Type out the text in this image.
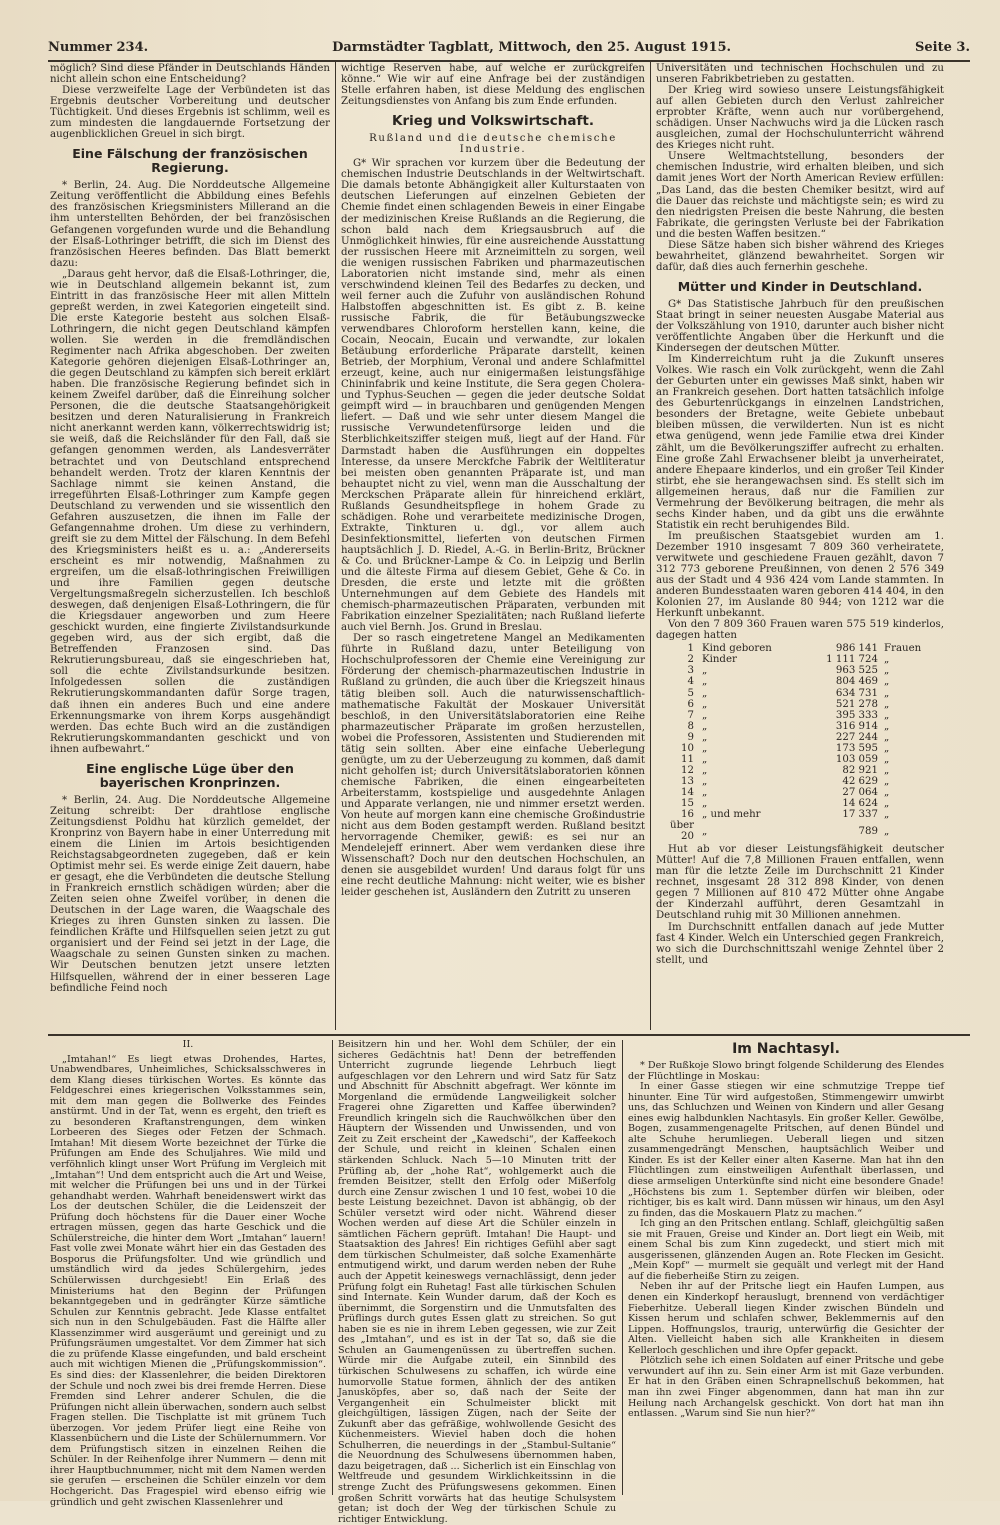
Nummer 234.	Darmstädter Tagblatt, Mittwoch, den 25. August 1915.	Seite 3.

möglich? Sind diese Pfänder in Deutschlands Händen nicht allein schon eine Entscheidung?

Diese verzweifelte Lage der Verbündeten ist das Ergebnis deutscher Vorbereitung und deutscher Tüchtigkeit. Und dieses Ergebnis ist schlimm, weil es zum mindesten die langdauernde Fortsetzung der augenblicklichen Greuel in sich birgt.

Eine Fälschung der französischen Regierung.

* Berlin, 24. Aug. Die Norddeutsche Allgemeine Zeitung veröffentlicht die Abbildung eines Befehls des französischen Kriegsministers Millerand an die ihm unterstellten Behörden, der bei französischen Gefangenen vorgefunden wurde und die Behandlung der Elsaß-Lothringer betrifft, die sich im Dienst des französischen Heeres befinden. Das Blatt bemerkt dazu:

„Daraus geht hervor, daß die Elsaß-Lothringer, die, wie in Deutschland allgemein bekannt ist, zum Eintritt in das französische Heer mit allen Mitteln gepreßt werden, in zwei Kategorien eingeteilt sind. Die erste Kategorie besteht aus solchen Elsaß-Lothringern, die nicht gegen Deutschland kämpfen wollen. Sie werden in die fremdländischen Regimenter nach Afrika abgeschoben. Der zweiten Kategorie gehören diejenigen Elsaß-Lothringer an, die gegen Deutschland zu kämpfen sich bereit erklärt haben. Die französische Regierung befindet sich in keinem Zweifel darüber, daß die Einreihung solcher Personen, die die deutsche Staatsangehörigkeit besitzen und deren Naturalisierung in Frankreich nicht anerkannt werden kann, völkerrechtswidrig ist; sie weiß, daß die Reichsländer für den Fall, daß sie gefangen genommen werden, als Landesverräter betrachtet und von Deutschland entsprechend behandelt werden. Trotz der klaren Kenntnis der Sachlage nimmt sie keinen Anstand, die irregeführten Elsaß-Lothringer zum Kampfe gegen Deutschland zu verwenden und sie wissentlich den Gefahren auszusetzen, die ihnen im Falle der Gefangennahme drohen. Um diese zu verhindern, greift sie zu dem Mittel der Fälschung. In dem Befehl des Kriegsministers heißt es u. a.: „Andererseits erscheint es mir notwendig, Maßnahmen zu ergreifen, um die elsaß-lothringischen Freiwilligen und ihre Familien gegen deutsche Vergeltungsmaßregeln sicherzustellen. Ich beschloß deswegen, daß denjenigen Elsaß-Lothringern, die für die Kriegsdauer angeworben und zum Heere geschickt wurden, eine fingierte Zivilstandsurkunde gegeben wird, aus der sich ergibt, daß die Betreffenden Franzosen sind. Das Rekrutierungsbureau, daß sie eingeschrieben hat, soll die echte Zivilstandsurkunde besitzen. Infolgedessen sollen die zuständigen Rekrutierungskommandanten dafür Sorge tragen, daß ihnen ein anderes Buch und eine andere Erkennungsmarke von ihrem Korps ausgehändigt werden. Das echte Buch wird an die zuständigen Rekrutierungskommandanten geschickt und von ihnen aufbewahrt.“

Eine englische Lüge über den bayerischen Kronprinzen.

* Berlin, 24. Aug. Die Norddeutsche Allgemeine Zeitung schreibt: Der drahtlose englische Zeitungsdienst Poldhu hat kürzlich gemeldet, der Kronprinz von Bayern habe in einer Unterredung mit einem die Linien im Artois besichtigenden Reichstagsabgeordneten zugegeben, daß er kein Optimist mehr sei. Es werde einige Zeit dauern, habe er gesagt, ehe die Verbündeten die deutsche Stellung in Frankreich ernstlich schädigen würden; aber die Zeiten seien ohne Zweifel vorüber, in denen die Deutschen in der Lage waren, die Waagschale des Krieges zu ihren Gunsten sinken zu lassen. Die feindlichen Kräfte und Hilfsquellen seien jetzt zu gut organisiert und der Feind sei jetzt in der Lage, die Waagschale zu seinen Gunsten sinken zu machen. Wir Deutschen benutzen jetzt unsere letzten Hilfsquellen, während der in einer besseren Lage befindliche Feind noch

wichtige Reserven habe, auf welche er zurückgreifen könne.“ Wie wir auf eine Anfrage bei der zuständigen Stelle erfahren haben, ist diese Meldung des englischen Zeitungsdienstes von Anfang bis zum Ende erfunden.

Krieg und Volkswirtschaft.
Rußland und die deutsche chemische Industrie.

G* Wir sprachen vor kurzem über die Bedeutung der chemischen Industrie Deutschlands in der Weltwirtschaft. Die damals betonte Abhängigkeit aller Kulturstaaten von deutschen Lieferungen auf einzelnen Gebieten der Chemie findet einen schlagenden Beweis in einer Eingabe der medizinischen Kreise Rußlands an die Regierung, die schon bald nach dem Kriegsausbruch auf die Unmöglichkeit hinwies, für eine ausreichende Ausstattung der russischen Heere mit Arzneimitteln zu sorgen, weil die wenigen russischen Fabriken und pharmazeutischen Laboratorien nicht imstande sind, mehr als einen verschwindend kleinen Teil des Bedarfes zu decken, und weil ferner auch die Zufuhr von ausländischen Rohund Halbstoffen abgeschnitten ist. Es gibt z. B. keine russische Fabrik, die für Betäubungszwecke verwendbares Chloroform herstellen kann, keine, die Cocain, Neocain, Eucain und verwandte, zur lokalen Betäubung erforderliche Präparate darstellt, keinen Betrieb, der Morphium, Veronal und andere Schlafmittel erzeugt, keine, auch nur einigermaßen leistungsfähige Chininfabrik und keine Institute, die Sera gegen Cholera- und Typhus-Seuchen — gegen die jeder deutsche Soldat geimpft wird — in brauchbaren und genügenden Mengen liefert. — Daß und wie sehr unter diesem Mangel die russische Verwundetenfürsorge leiden und die Sterblichkeitsziffer steigen muß, liegt auf der Hand. Für Darmstadt haben die Ausführungen ein doppeltes Interesse, da unsere Merckfche Fabrik der Weltliteratur bei meisten oben genannten Präparate ist, und man behauptet nicht zu viel, wenn man die Ausschaltung der Merckschen Präparate allein für hinreichend erklärt, Rußlands Gesundheitspflege in hohem Grade zu schädigen. Rohe und verarbeitete medizinische Drogen, Extrakte, Tinkturen u. dgl., vor allem auch Desinfektionsmittel, lieferten von deutschen Firmen hauptsächlich J. D. Riedel, A.-G. in Berlin-Britz, Brückner & Co. und Brückner-Lampe & Co. in Leipzig und Berlin und die älteste Firma auf diesem Gebiet, Gehe & Co. in Dresden, die erste und letzte mit die größten Unternehmungen auf dem Gebiete des Handels mit chemisch-pharmazeutischen Präparaten, verbunden mit Fabrikation einzelner Spezialitäten; nach Rußland lieferte auch viel Bernh. Jos. Grund in Breslau.

Der so rasch eingetretene Mangel an Medikamenten führte in Rußland dazu, unter Beteiligung von Hochschulprofessoren der Chemie eine Vereinigung zur Förderung der chemisch-pharmazeutischen Industrie in Rußland zu gründen, die auch über die Kriegszeit hinaus tätig bleiben soll. Auch die naturwissenschaftlich-mathematische Fakultät der Moskauer Universität beschloß, in den Universitätslaboratorien eine Reihe pharmazeutischer Präparate im großen herzustellen, wobei die Professoren, Assistenten und Studierenden mit tätig sein sollten. Aber eine einfache Ueberlegung genügte, um zu der Ueberzeugung zu kommen, daß damit nicht geholfen ist; durch Universitätslaboratorien können chemische Fabriken, die einen eingearbeiteten Arbeiterstamm, kostspielige und ausgedehnte Anlagen und Apparate verlangen, nie und nimmer ersetzt werden. Von heute auf morgen kann eine chemische Großindustrie nicht aus dem Boden gestampft werden. Rußland besitzt hervorragende Chemiker, gewiß: es sei nur an Mendelejeff erinnert. Aber wem verdanken diese ihre Wissenschaft? Doch nur den deutschen Hochschulen, an denen sie ausgebildet wurden! Und daraus folgt für uns eine recht deutliche Mahnung: nicht weiter, wie es bisher leider geschehen ist, Ausländern den Zutritt zu unseren

Universitäten und technischen Hochschulen und zu unseren Fabrikbetrieben zu gestatten.

Der Krieg wird sowieso unsere Leistungsfähigkeit auf allen Gebieten durch den Verlust zahlreicher erprobter Kräfte, wenn auch nur vorübergehend, schädigen. Unser Nachwuchs wird ja die Lücken rasch ausgleichen, zumal der Hochschulunterricht während des Krieges nicht ruht.

Unsere Weltmachtstellung, besonders der chemischen Industrie, wird erhalten bleiben, und sich damit jenes Wort der North American Review erfüllen: „Das Land, das die besten Chemiker besitzt, wird auf die Dauer das reichste und mächtigste sein; es wird zu den niedrigsten Preisen die beste Nahrung, die besten Fabrikate, die geringsten Verluste bei der Fabrikation und die besten Waffen besitzen.“

Diese Sätze haben sich bisher während des Krieges bewahrheitet, glänzend bewahrheitet. Sorgen wir dafür, daß dies auch fernerhin geschehe.

Mütter und Kinder in Deutschland.

G* Das Statistische Jahrbuch für den preußischen Staat bringt in seiner neuesten Ausgabe Material aus der Volkszählung von 1910, darunter auch bisher nicht veröffentlichte Angaben über die Herkunft und die Kindersegen der deutschen Mütter.

Im Kinderreichtum ruht ja die Zukunft unseres Volkes. Wie rasch ein Volk zurückgeht, wenn die Zahl der Geburten unter ein gewisses Maß sinkt, haben wir an Frankreich gesehen. Dort hatten tatsächlich infolge des Geburtenrückgangs in einzelnen Landstrichen, besonders der Bretagne, weite Gebiete unbebaut bleiben müssen, die verwilderten. Nun ist es nicht etwa genügend, wenn jede Familie etwa drei Kinder zählt, um die Bevölkerungsziffer aufrecht zu erhalten. Eine große Zahl Erwachsener bleibt ja unverheiratet, andere Ehepaare kinderlos, und ein großer Teil Kinder stirbt, ehe sie herangewachsen sind. Es stellt sich im allgemeinen heraus, daß nur die Familien zur Vermehrung der Bevölkerung beitragen, die mehr als sechs Kinder haben, und da gibt uns die erwähnte Statistik ein recht beruhigendes Bild.

Im preußischen Staatsgebiet wurden am 1. Dezember 1910 insgesamt 7 809 360 verheiratete, verwitwete und geschiedene Frauen gezählt, davon 7 312 773 geborene Preußinnen, von denen 2 576 349 aus der Stadt und 4 936 424 vom Lande stammten. In anderen Bundesstaaten waren geboren 414 404, in den Kolonien 27, im Auslande 80 944; von 1212 war die Herkunft unbekannt.

Von den 7 809 360 Frauen waren 575 519 kinderlos, dagegen hatten

1	Kind geboren	986 141	Frauen
2	Kinder	1 111 724	„
3	„	963 525	„
4	„	804 469	„
5	„	634 731	„
6	„	521 278	„
7	„	395 333	„
8	„	316 914	„
9	„	227 244	„
10	„	173 595	„
11	„	103 059	„
12	„	82 921	„
13	„	42 629	„
14	„	27 064	„
15	„	14 624	„
16	„ und mehr	17 337	„
über 20	„	789	„

Hut ab vor dieser Leistungsfähigkeit deutscher Mütter! Auf die 7,8 Millionen Frauen entfallen, wenn man für die letzte Zeile im Durchschnitt 21 Kinder rechnet, insgesamt 28 312 898 Kinder, von denen gegen 7 Millionen auf 810 472 Mütter ohne Angabe der Kinderzahl aufführt, deren Gesamtzahl in Deutschland ruhig mit 30 Millionen annehmen.

Im Durchschnitt entfallen danach auf jede Mutter fast 4 Kinder. Welch ein Unterschied gegen Frankreich, wo sich die Durchschnittszahl wenige Zehntel über 2 stellt, und

II.

„Imtahan!“ Es liegt etwas Drohendes, Hartes, Unabwendbares, Unheimliches, Schicksalsschweres in dem Klang dieses türkischen Wortes. Es könnte das Feldgeschrei eines kriegerischen Volksstammes sein, mit dem man gegen die Bollwerke des Feindes anstürmt. Und in der Tat, wenn es ergeht, den trieft es zu besonderen Kraftanstrengungen, dem winken Lorbeeren des Sieges oder Fetzen der Schmach. Imtahan! Mit diesem Worte bezeichnet der Türke die Prüfungen am Ende des Schuljahres. Wie mild und verföhnlich klingt unser Wort Prüfung im Vergleich mit „Imtahan“! Und dem entspricht auch die Art und Weise, mit welcher die Prüfungen bei uns und in der Türkei gehandhabt werden. Wahrhaft beneidenswert wirkt das Los der deutschen Schüler, die die Leidenszeit der Prüfung doch höchstens für die Dauer einer Woche ertragen müssen, gegen das harte Geschick und die Schülerstreiche, die hinter dem Wort „Imtahan“ lauern! Fast volle zwei Monate währt hier ein das Gestaden des Bosporus die Prüfungsfolter. Und wie gründlich und umständlich wird da jedes Schülergehirn, jedes Schülerwissen durchgesiebt! Ein Erlaß des Ministeriums hat den Beginn der Prüfungen bekanntgegeben und in gedrängter Kürze sämtliche Schulen zur Kenntnis gebracht. Jede Klasse entfaltet sich nun in den Schulgebäuden. Fast die Hälfte aller Klassenzimmer wird ausgeräumt und gereinigt und zu Prüfungsräumen umgestaltet. Vor dem Zimmer hat sich die zu prüfende Klasse eingefunden, und bald erscheint auch mit wichtigen Mienen die „Prüfungskommission“. Es sind dies: der Klassenlehrer, die beiden Direktoren der Schule und noch zwei bis drei fremde Herren. Diese Fremden sind Lehrer anderer Schulen, die die Prüfungen nicht allein überwachen, sondern auch selbst Fragen stellen. Die Tischplatte ist mit grünem Tuch überzogen. Vor jedem Prüfer liegt eine Reihe von Klassenbüchern und die Liste der Schülernummern. Vor dem Prüfungstisch sitzen in einzelnen Reihen die Schüler. In der Reihenfolge ihrer Nummern — denn mit ihrer Hauptbuchnummer, nicht mit dem Namen werden sie gerufen — erscheinen die Schüler einzeln vor dem Hochgericht. Das Fragespiel wird ebenso eifrig wie gründlich und geht zwischen Klassenlehrer und

Beisitzern hin und her. Wohl dem Schüler, der ein sicheres Gedächtnis hat! Denn der betreffenden Unterricht zugrunde liegende Lehrbuch liegt aufgeschlagen vor den Lehrern und wird Satz für Satz und Abschnitt für Abschnitt abgefragt. Wer könnte im Morgenland die ermüdende Langweiligkeit solcher Fragerei ohne Zigaretten und Kaffee überwinden? Freundlich kringeln sich die Rauchwölkchen über den Häuptern der Wissenden und Unwissenden, und von Zeit zu Zeit erscheint der „Kawedschi“, der Kaffeekoch der Schule, und reicht in kleinen Schalen einen stärkenden Schluck. Nach 5—10 Minuten tritt der Prüfling ab, der „hohe Rat“, wohlgemerkt auch die fremden Beisitzer, stellt den Erfolg oder Mißerfolg durch eine Zensur zwischen 1 und 10 fest, wobei 10 die beste Leistung bezeichnet. Davon ist abhängig, ob der Schüler versetzt wird oder nicht. Während dieser Wochen werden auf diese Art die Schüler einzeln in sämtlichen Fächern geprüft. Imtahan! Die Haupt- und Staatsaktion des Jahres! Ein richtiges Gefühl aber sagt dem türkischen Schulmeister, daß solche Examenhärte entmutigend wirkt, und darum werden neben der Ruhe auch der Appetit keineswegs vernachlässigt, denn jeder Prüfung folgt ein Ruhetag! Fast alle türkischen Schulen sind Internate. Kein Wunder darum, daß der Koch es übernimmt, die Sorgenstirn und die Unmutsfalten des Prüflings durch gutes Essen glatt zu streichen. So gut haben sie es nie in ihrem Leben gegessen, wie zur Zeit des „Imtahan“, und es ist in der Tat so, daß sie die Schulen an Gaumengenüssen zu übertreffen suchen. Würde mir die Aufgabe zuteil, ein Sinnbild des türkischen Schulwesens zu schaffen, ich würde eine humorvolle Statue formen, ähnlich der des antiken Janusköpfes, aber so, daß nach der Seite der Vergangenheit ein Schulmeister blickt mit gleichgültigen, lässigen Zügen, nach der Seite der Zukunft aber das gefräßige, wohlwollende Gesicht des Küchenmeisters. Wieviel haben doch die hohen Schulherren, die neuerdings in der „Stambul-Sultanie“ die Neuordnung des Schulwesens übernommen haben, dazu beigetragen, daß ... Sicherlich ist ein Einschlag von Weltfreude und gesundem Wirklichkeitssinn in die strenge Zucht des Prüfungswesens gekommen. Einen großen Schritt vorwärts hat das heutige Schulsystem getan; ist doch der Weg der türkischen Schule zu richtiger Entwicklung.

Im Nachtasyl.

* Der Rußkoje Slowo bringt folgende Schilderung des Elendes der Flüchtlinge in Moskau:

In einer Gasse stiegen wir eine schmutzige Treppe tief hinunter. Eine Tür wird aufgestoßen, Stimmengewirr umwirbt uns, das Schluchzen und Weinen von Kindern und aller Gesang eines ewig halbdunklen Nachtasyls. Ein großer Keller. Gewölbe, Bogen, zusammengenagelte Pritschen, auf denen Bündel und alte Schuhe herumliegen. Ueberall liegen und sitzen zusammengedrängt Menschen, hauptsächlich Weiber und Kinder. Es ist der Keller einer alten Kaserne. Man hat ihn den Flüchtlingen zum einstweiligen Aufenthalt überlassen, und diese armseligen Unterkünfte sind nicht eine besondere Gnade! „Höchstens bis zum 1. September dürfen wir bleiben, oder richtiger, bis es kalt wird. Dann müssen wir hinaus, um den Asyl zu finden, das die Moskauern Platz zu machen.“

Ich ging an den Pritschen entlang. Schlaff, gleichgültig saßen sie mit Frauen, Greise und Kinder an. Dort liegt ein Weib, mit einem Schal bis zum Kinn zugedeckt, und stiert mich mit ausgerissenen, glänzenden Augen an. Rote Flecken im Gesicht. „Mein Kopf“ — murmelt sie gequält und verlegt mit der Hand auf die fieberheiße Stirn zu zeigen.

Neben ihr auf der Pritsche liegt ein Haufen Lumpen, aus denen ein Kinderkopf herauslugt, brennend von verdächtiger Fieberhitze. Ueberall liegen Kinder zwischen Bündeln und Kissen herum und schlafen schwer, Beklemmernis auf den Lippen. Hoffnungslos, traurig, unterwürfig die Gesichter der Alten. Vielleicht haben sich alle Krankheiten in diesem Kellerloch geschlichen und ihre Opfer gepackt.

Plötzlich sehe ich einen Soldaten auf einer Pritsche und gebe verwundert auf ihn zu. Sein einer Arm ist mit Gaze verbunden. Er hat in den Gräben einen Schrapnellschuß bekommen, hat man ihn zwei Finger abgenommen, dann hat man ihn zur Heilung nach Archangelsk geschickt. Von dort hat man ihn entlassen. „Warum sind Sie nun hier?“
